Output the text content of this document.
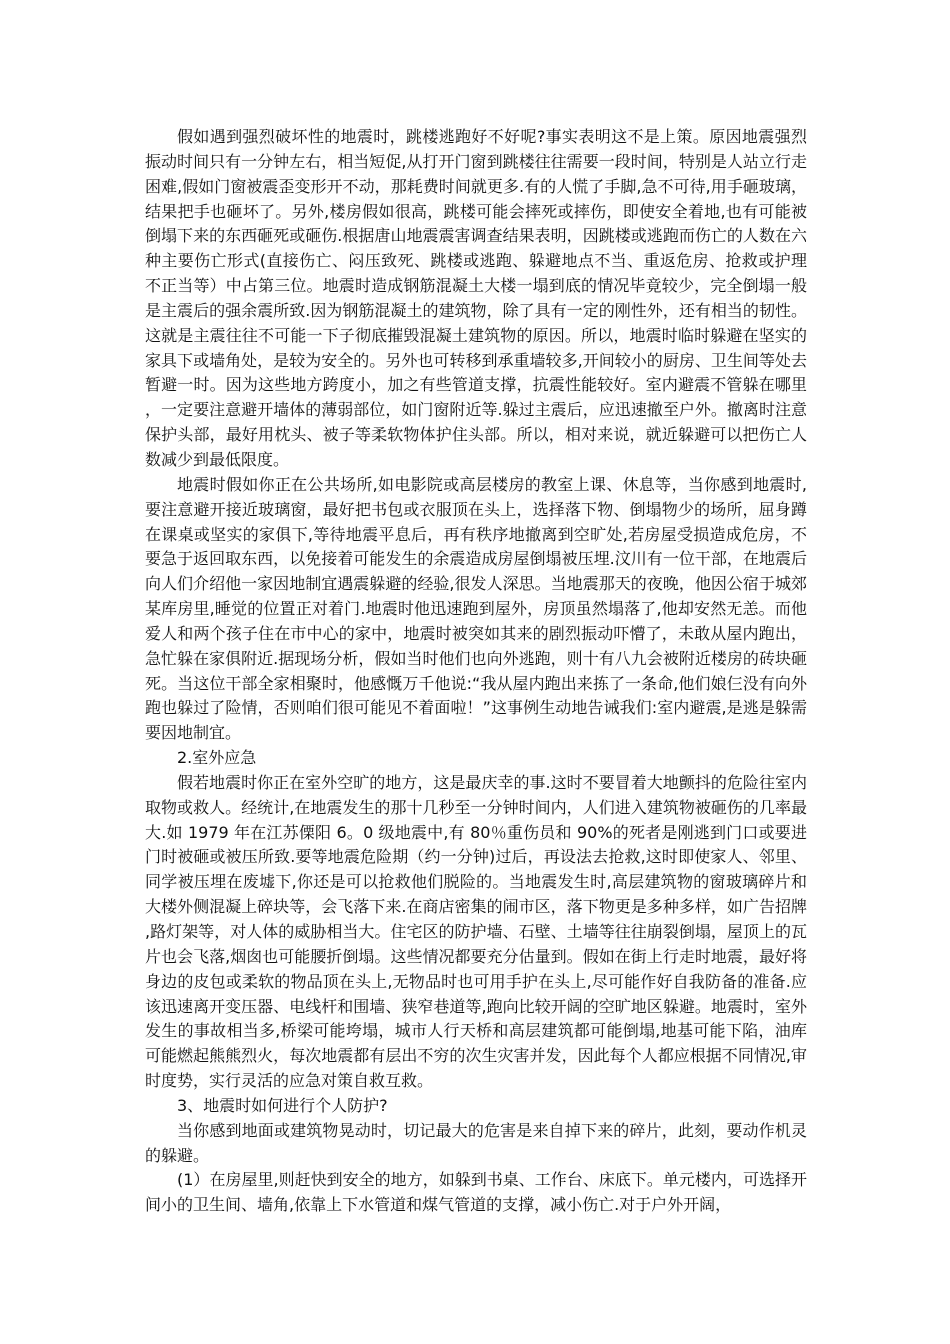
假如遇到强烈破坏性的地震时，跳楼逃跑好不好呢?事实表明这不是上策。原因地震强烈振动时间只有一分钟左右，相当短促,从打开门窗到跳楼往往需要一段时间，特别是人站立行走困难,假如门窗被震歪变形开不动，那耗费时间就更多.有的人慌了手脚,急不可待,用手砸玻璃，结果把手也砸坏了。另外,楼房假如很高，跳楼可能会摔死或摔伤，即使安全着地,也有可能被倒塌下来的东西砸死或砸伤.根据唐山地震震害调查结果表明，因跳楼或逃跑而伤亡的人数在六种主要伤亡形式(直接伤亡、闷压致死、跳楼或逃跑、躲避地点不当、重返危房、抢救或护理不正当等）中占第三位。地震时造成钢筋混凝土大楼一塌到底的情况毕竟较少，完全倒塌一般是主震后的强余震所致.因为钢筋混凝土的建筑物，除了具有一定的刚性外，还有相当的韧性。这就是主震往往不可能一下子彻底摧毁混凝土建筑物的原因。所以，地震时临时躲避在坚实的家具下或墙角处，是较为安全的。另外也可转移到承重墙较多,开间较小的厨房、卫生间等处去暂避一时。因为这些地方跨度小，加之有些管道支撑，抗震性能较好。室内避震不管躲在哪里，一定要注意避开墙体的薄弱部位，如门窗附近等.躲过主震后，应迅速撤至户外。撤离时注意保护头部，最好用枕头、被子等柔软物体护住头部。所以，相对来说，就近躲避可以把伤亡人数减少到最低限度。

地震时假如你正在公共场所,如电影院或高层楼房的教室上课、休息等，当你感到地震时,要注意避开接近玻璃窗，最好把书包或衣服顶在头上，选择落下物、倒塌物少的场所，屈身蹲在课桌或坚实的家俱下,等待地震平息后，再有秩序地撤离到空旷处,若房屋受损造成危房，不要急于返回取东西，以免接着可能发生的余震造成房屋倒塌被压埋.汶川有一位干部，在地震后向人们介绍他一家因地制宜遇震躲避的经验,很发人深思。当地震那天的夜晚，他因公宿于城郊某库房里,睡觉的位置正对着门.地震时他迅速跑到屋外，房顶虽然塌落了,他却安然无恙。而他爱人和两个孩子住在市中心的家中，地震时被突如其来的剧烈振动吓懵了，未敢从屋内跑出，急忙躲在家俱附近.据现场分析，假如当时他们也向外逃跑，则十有八九会被附近楼房的砖块砸死。当这位干部全家相聚时，他感慨万千他说:“我从屋内跑出来拣了一条命,他们娘仨没有向外跑也躲过了险情，否则咱们很可能见不着面啦！”这事例生动地告诫我们:室内避震,是逃是躲需要因地制宜。

2.室外应急

假若地震时你正在室外空旷的地方，这是最庆幸的事.这时不要冒着大地颤抖的危险往室内取物或救人。经统计,在地震发生的那十几秒至一分钟时间内，人们进入建筑物被砸伤的几率最大.如 1979 年在江苏傈阳 6。0 级地震中,有 80％重伤员和 90%的死者是刚逃到门口或要进门时被砸或被压所致.要等地震危险期（约一分钟)过后，再设法去抢救,这时即使家人、邻里、同学被压埋在废墟下,你还是可以抢救他们脱险的。当地震发生时,高层建筑物的窗玻璃碎片和大楼外侧混凝上碎块等，会飞落下来.在商店密集的闹市区，落下物更是多种多样，如广告招牌,路灯架等，对人体的威胁相当大。住宅区的防护墙、石壁、土墙等往往崩裂倒塌，屋顶上的瓦片也会飞落,烟囱也可能腰折倒塌。这些情况都要充分估量到。假如在街上行走时地震，最好将身边的皮包或柔软的物品顶在头上,无物品时也可用手护在头上,尽可能作好自我防备的准备.应该迅速离开变压器、电线杆和围墙、狭窄巷道等,跑向比较开阔的空旷地区躲避。地震时，室外发生的事故相当多,桥梁可能垮塌，城市人行天桥和高层建筑都可能倒塌,地基可能下陷，油库可能燃起熊熊烈火，每次地震都有层出不穷的次生灾害并发，因此每个人都应根据不同情况,审时度势，实行灵活的应急对策自救互救。

3、地震时如何进行个人防护?

当你感到地面或建筑物晃动时，切记最大的危害是来自掉下来的碎片，此刻，要动作机灵的躲避。

(1）在房屋里,则赶快到安全的地方，如躲到书桌、工作台、床底下。单元楼内，可选择开间小的卫生间、墙角,依靠上下水管道和煤气管道的支撑，减小伤亡.对于户外开阔，
